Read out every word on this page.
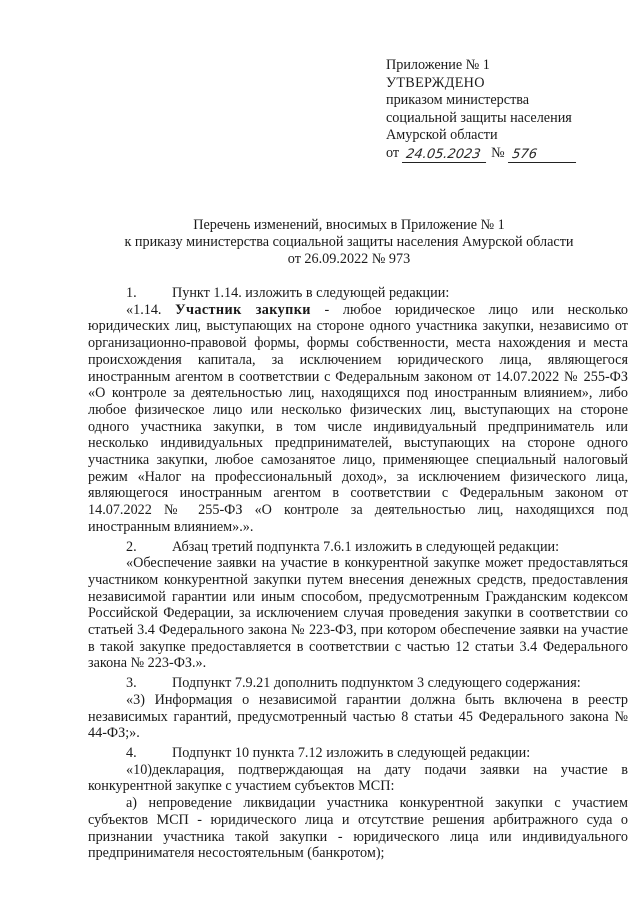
Приложение № 1
УТВЕРЖДЕНО
приказом министерства
социальной защиты населения
Амурской области
от 24.05.2023 № 576
Перечень изменений, вносимых в Приложение № 1
к приказу министерства социальной защиты населения Амурской области
от 26.09.2022 № 973

1. Пункт 1.14. изложить в следующей редакции:

«1.14. Участник закупки - любое юридическое лицо или несколько юридических лиц, выступающих на стороне одного участника закупки, независимо от организационно-правовой формы, формы собственности, места нахождения и места происхождения капитала, за исключением юридического лица, являющегося иностранным агентом в соответствии с Федеральным законом от 14.07.2022 № 255-ФЗ «О контроле за деятельностью лиц, находящихся под иностранным влиянием», либо любое физическое лицо или несколько физических лиц, выступающих на стороне одного участника закупки, в том числе индивидуальный предприниматель или несколько индивидуальных предпринимателей, выступающих на стороне одного участника закупки, любое самозанятое лицо, применяющее специальный налоговый режим «Налог на профессиональный доход», за исключением физического лица, являющегося иностранным агентом в соответствии с Федеральным законом от 14.07.2022 № 255-ФЗ «О контроле за деятельностью лиц, находящихся под иностранным влиянием».».

2. Абзац третий подпункта 7.6.1 изложить в следующей редакции:

«Обеспечение заявки на участие в конкурентной закупке может предоставляться участником конкурентной закупки путем внесения денежных средств, предоставления независимой гарантии или иным способом, предусмотренным Гражданским кодексом Российской Федерации, за исключением случая проведения закупки в соответствии со статьей 3.4 Федерального закона № 223-ФЗ, при котором обеспечение заявки на участие в такой закупке предоставляется в соответствии с частью 12 статьи 3.4 Федерального закона № 223-ФЗ.».

3. Подпункт 7.9.21 дополнить подпунктом 3 следующего содержания:

«3) Информация о независимой гарантии должна быть включена в реестр независимых гарантий, предусмотренный частью 8 статьи 45 Федерального закона № 44-ФЗ;».

4. Подпункт 10 пункта 7.12 изложить в следующей редакции:

«10)декларация, подтверждающая на дату подачи заявки на участие в конкурентной закупке с участием субъектов МСП:

а) непроведение ликвидации участника конкурентной закупки с участием субъектов МСП - юридического лица и отсутствие решения арбитражного суда о признании участника такой закупки - юридического лица или индивидуального предпринимателя несостоятельным (банкротом);
